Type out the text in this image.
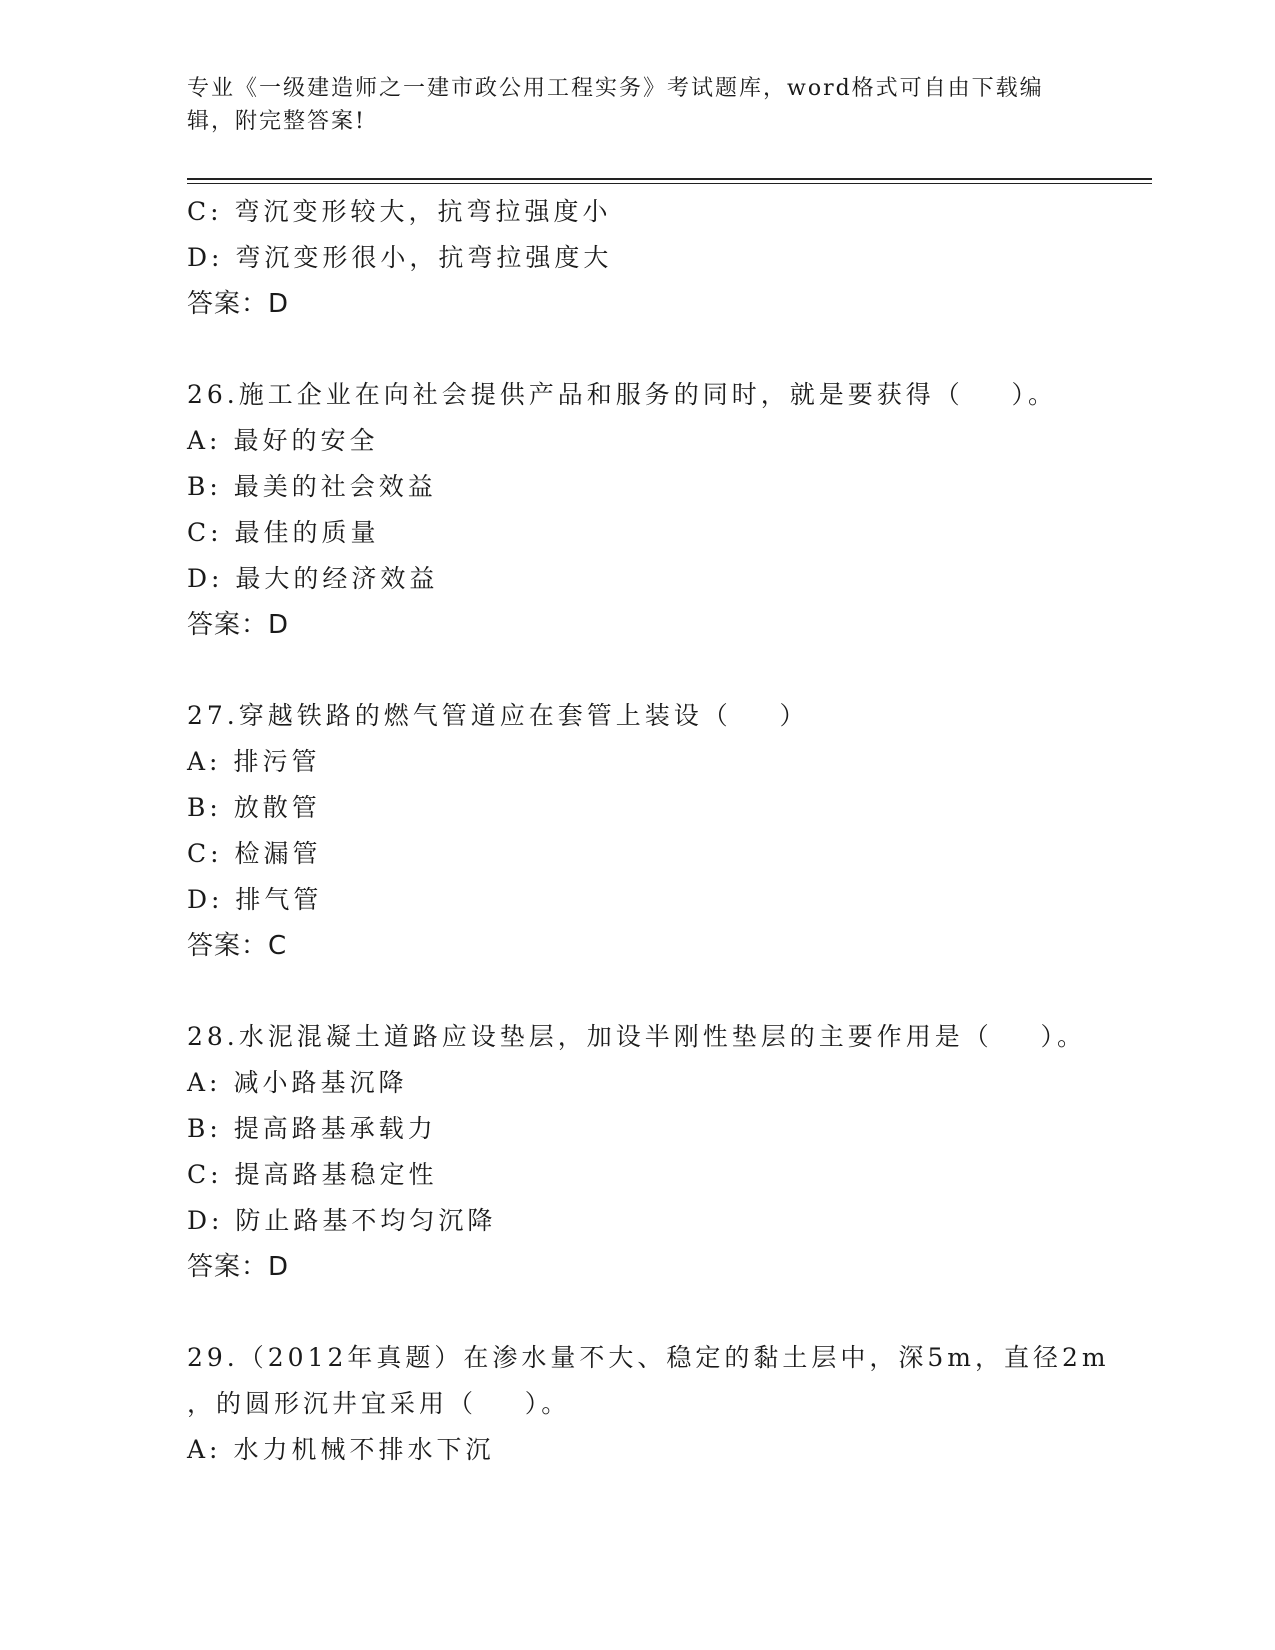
专业《一级建造师之一建市政公用工程实务》考试题库，word格式可自由下载编
辑，附完整答案!

C: 弯沉变形较大，抗弯拉强度小

D: 弯沉变形很小，抗弯拉强度大

答案：D

26.施工企业在向社会提供产品和服务的同时，就是要获得（    ）。

A: 最好的安全

B: 最美的社会效益

C: 最佳的质量

D: 最大的经济效益

答案：D

27.穿越铁路的燃气管道应在套管上装设（    ）

A: 排污管

B: 放散管

C: 检漏管

D: 排气管

答案：C

28.水泥混凝土道路应设垫层，加设半刚性垫层的主要作用是（    ）。

A: 减小路基沉降

B: 提高路基承载力

C: 提高路基稳定性

D: 防止路基不均匀沉降

答案：D

29.（2012年真题）在渗水量不大、稳定的黏土层中，深5m，直径2m

，的圆形沉井宜采用（    ）。

A: 水力机械不排水下沉
